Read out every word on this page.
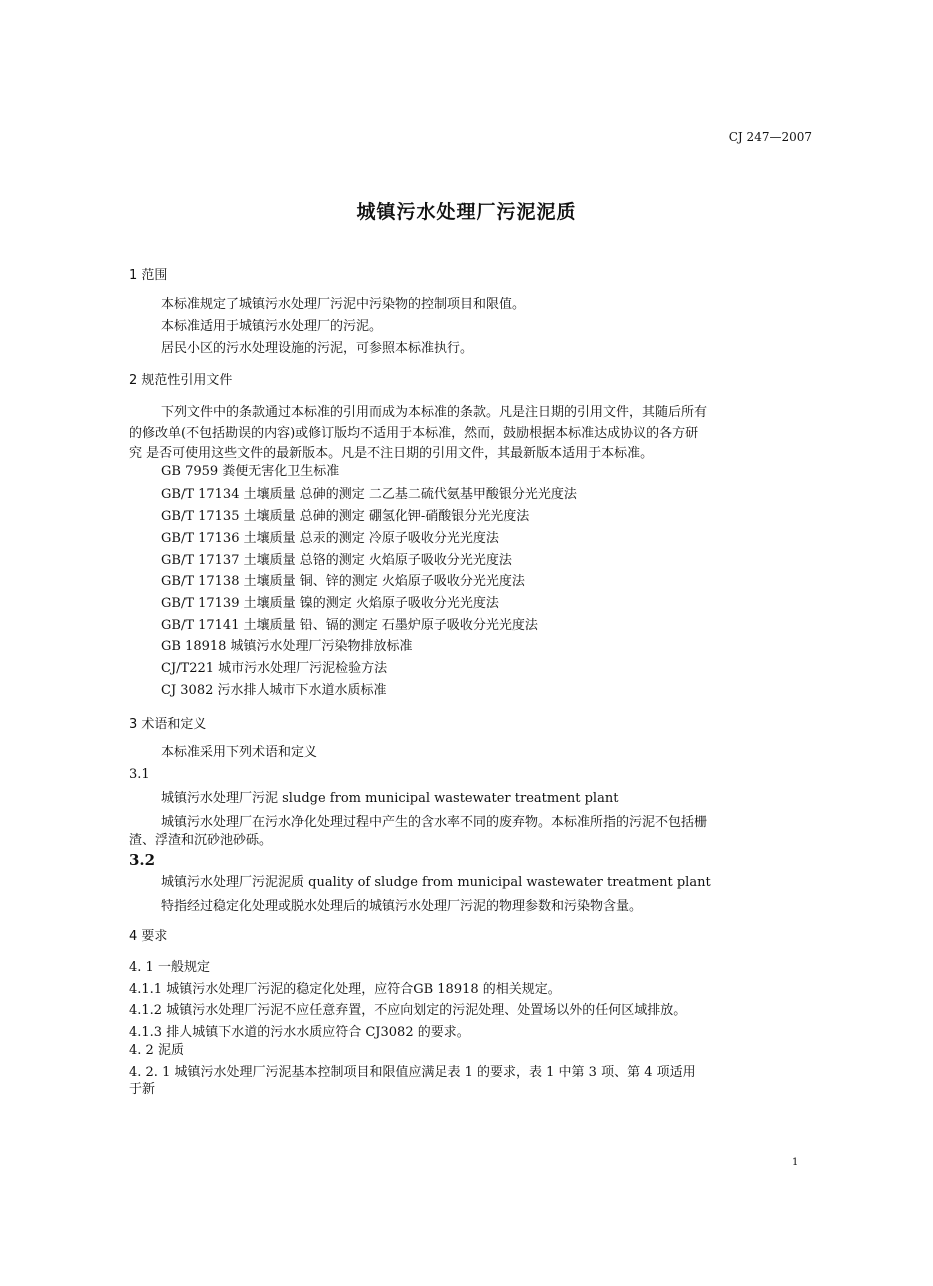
CJ 247—2007
城镇污水处理厂污泥泥质
1 范围
本标准规定了城镇污水处理厂污泥中污染物的控制项目和限值。
本标准适用于城镇污水处理厂的污泥。
居民小区的污水处理设施的污泥，可参照本标准执行。
2 规范性引用文件
下列文件中的条款通过本标准的引用而成为本标准的条款。凡是注日期的引用文件，其随后所有
的修改单(不包括勘误的内容)或修订版均不适用于本标准，然而，鼓励根据本标准达成协议的各方研
究 是否可使用这些文件的最新版本。凡是不注日期的引用文件，其最新版本适用于本标准。
GB 7959 粪便无害化卫生标准
GB/T 17134 土壤质量 总砷的测定 二乙基二硫代氨基甲酸银分光光度法
GB/T 17135 土壤质量 总砷的测定 硼氢化钾-硝酸银分光光度法
GB/T 17136 土壤质量 总汞的测定 冷原子吸收分光光度法
GB/T 17137 土壤质量 总铬的测定 火焰原子吸收分光光度法
GB/T 17138 土壤质量 铜、锌的测定 火焰原子吸收分光光度法
GB/T 17139 土壤质量 镍的测定 火焰原子吸收分光光度法
GB/T 17141 土壤质量 铅、镉的测定 石墨炉原子吸收分光光度法
GB 18918 城镇污水处理厂污染物排放标准
CJ/T221 城市污水处理厂污泥检验方法
CJ 3082 污水排人城市下水道水质标准
3 术语和定义
本标准采用下列术语和定义
3.1
城镇污水处理厂污泥 sludge from municipal wastewater treatment plant
城镇污水处理厂在污水净化处理过程中产生的含水率不同的废弃物。本标准所指的污泥不包括栅
渣、浮渣和沉砂池砂砾。
3.2
城镇污水处理厂污泥泥质 quality of sludge from municipal wastewater treatment plant
特指经过稳定化处理或脱水处理后的城镇污水处理厂污泥的物理参数和污染物含量。
4 要求
4. 1 一般规定
4.1.1 城镇污水处理厂污泥的稳定化处理，应符合GB 18918 的相关规定。
4.1.2 城镇污水处理厂污泥不应任意弃置，不应向划定的污泥处理、处置场以外的任何区域排放。
4.1.3 排人城镇下水道的污水水质应符合 CJ3082 的要求。
4. 2 泥质
4. 2. 1 城镇污水处理厂污泥基本控制项目和限值应满足表 1 的要求，表 1 中第 3 项、第 4 项适用
于新
1
